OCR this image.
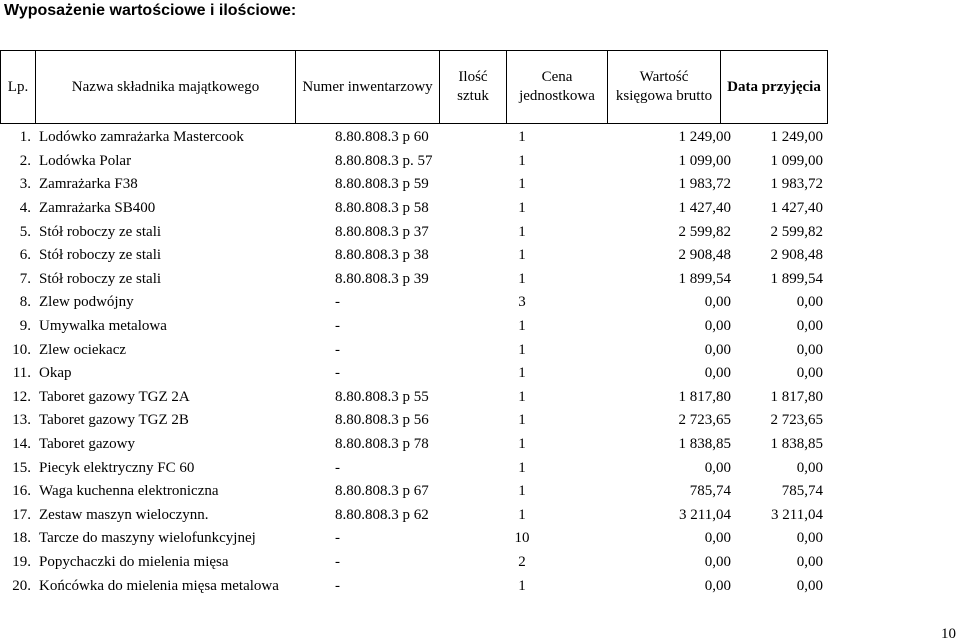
Wyposażenie wartościowe i ilościowe:
Lp.	Nazwa składnika majątkowego	Numer inwentarzowy	Ilość sztuk	Cena jednostkowa	Wartość księgowa brutto	Data przyjęcia
1.	Lodówko zamrażarka Mastercook	8.80.808.3 p 60	1	1 249,00	1 249,00
2.	Lodówka Polar	8.80.808.3 p. 57	1	1 099,00	1 099,00
3.	Zamrażarka F38	8.80.808.3 p 59	1	1 983,72	1 983,72
4.	Zamrażarka SB400	8.80.808.3 p 58	1	1 427,40	1 427,40
5.	Stół roboczy ze stali	8.80.808.3 p 37	1	2 599,82	2 599,82
6.	Stół roboczy ze stali	8.80.808.3 p 38	1	2 908,48	2 908,48
7.	Stół roboczy ze stali	8.80.808.3 p 39	1	1 899,54	1 899,54
8.	Zlew podwójny	-	3	0,00	0,00
9.	Umywalka metalowa	-	1	0,00	0,00
10.	Zlew ociekacz	-	1	0,00	0,00
11.	Okap	-	1	0,00	0,00
12.	Taboret gazowy TGZ 2A	8.80.808.3 p 55	1	1 817,80	1 817,80
13.	Taboret gazowy TGZ 2B	8.80.808.3 p 56	1	2 723,65	2 723,65
14.	Taboret gazowy	8.80.808.3 p 78	1	1 838,85	1 838,85
15.	Piecyk elektryczny FC 60	-	1	0,00	0,00
16.	Waga kuchenna elektroniczna	8.80.808.3 p 67	1	785,74	785,74
17.	Zestaw maszyn wieloczynn.	8.80.808.3 p 62	1	3 211,04	3 211,04
18.	Tarcze do maszyny wielofunkcyjnej	-	10	0,00	0,00
19.	Popychaczki do mielenia mięsa	-	2	0,00	0,00
20.	Końcówka do mielenia mięsa metalowa	-	1	0,00	0,00
10
